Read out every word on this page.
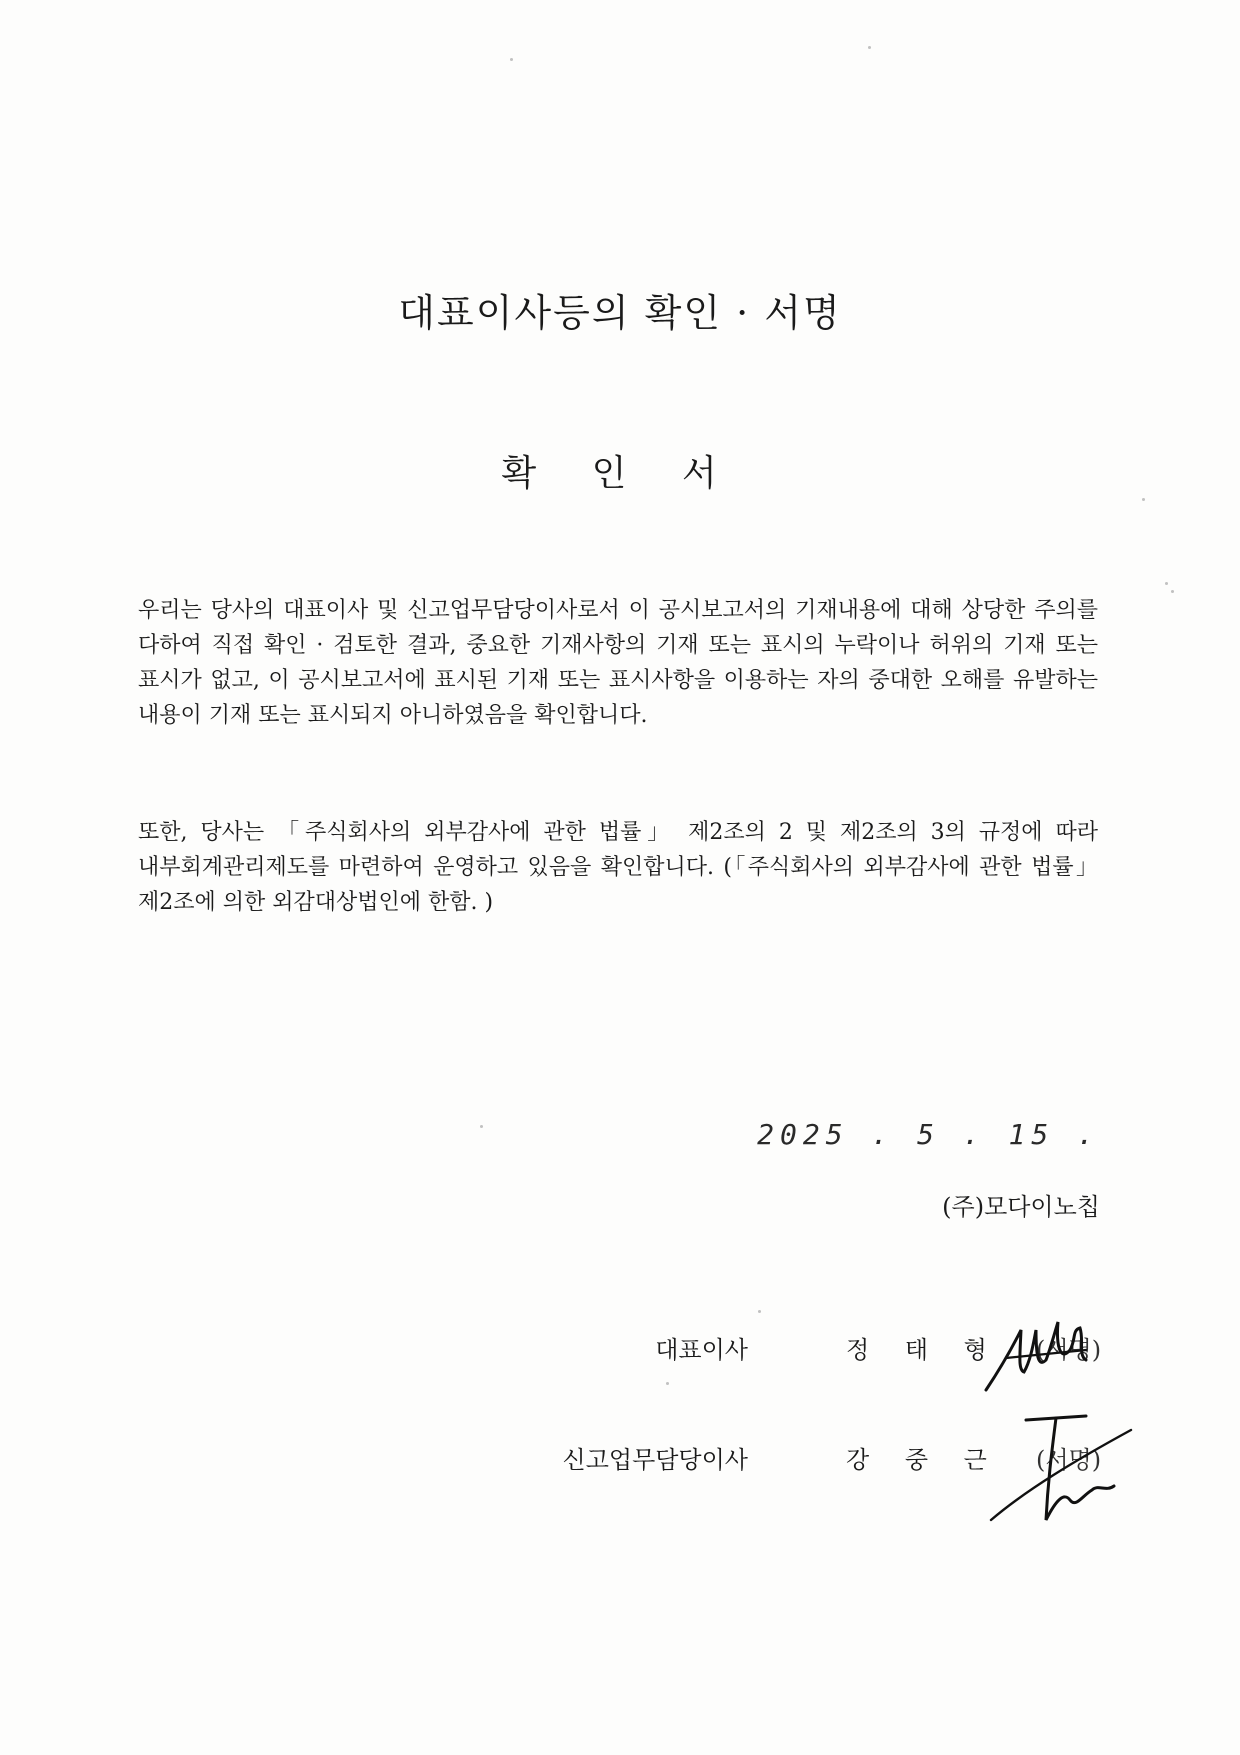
대표이사등의 확인 · 서명
확 인 서

우리는 당사의 대표이사 및 신고업무담당이사로서 이 공시보고서의 기재내용에 대해 상당한 주의를 다하여 직접 확인 · 검토한 결과, 중요한 기재사항의 기재 또는 표시의 누락이나 허위의 기재 또는 표시가 없고, 이 공시보고서에 표시된 기재 또는 표시사항을 이용하는 자의 중대한 오해를 유발하는 내용이 기재 또는 표시되지 아니하였음을 확인합니다.

또한, 당사는 「주식회사의 외부감사에 관한 법률」 제2조의 2 및 제2조의 3의 규정에 따라 내부회계관리제도를 마련하여 운영하고 있음을 확인합니다. (「주식회사의 외부감사에 관한 법률」 제2조에 의한 외감대상법인에 한함. )

2025 . 5 . 15 .
(주)모다이노칩
대표이사	정 태 형 (서명)
신고업무담당이사	강 중 근 (서명)
